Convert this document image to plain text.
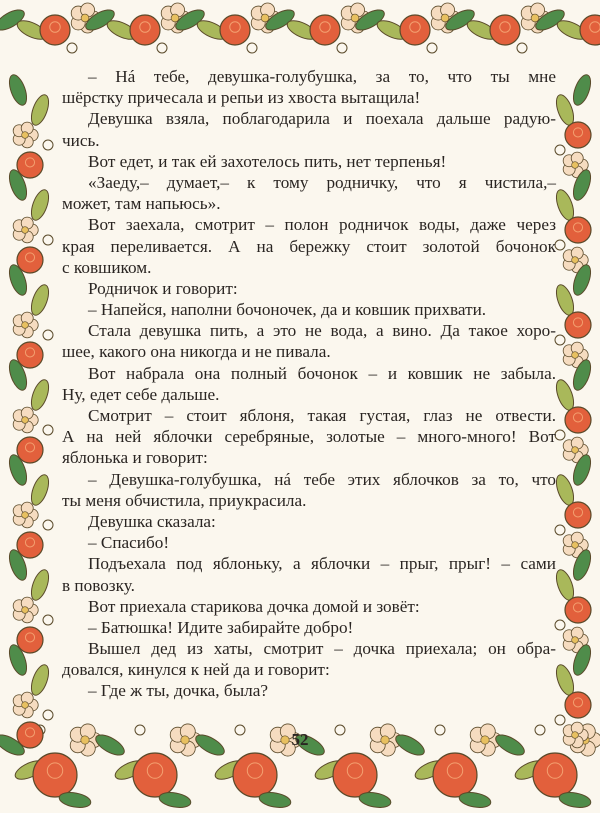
– Нá тебе, девушка-голубушка, за то, что ты мне
шёрстку причесала и репьи из хвоста вытащила!
Девушка взяла, поблагодарила и поехала дальше радую-
чись.
Вот едет, и так ей захотелось пить, нет терпенья!
«Заеду,– думает,– к тому родничку, что я чистила,–
может, там напьюсь».
Вот заехала, смотрит – полон родничок воды, даже через
края переливается. А на бережку стоит золотой бочонок
с ковшиком.
Родничок и говорит:
– Напейся, наполни бочоночек, да и ковшик прихвати.
Стала девушка пить, а это не вода, а вино. Да такое хоро-
шее, какого она никогда и не пивала.
Вот набрала она полный бочонок – и ковшик не забыла.
Ну, едет себе дальше.
Смотрит – стоит яблоня, такая густая, глаз не отвести.
А на ней яблочки серебряные, золотые – много-много! Вот
яблонька и говорит:
– Девушка-голубушка, нá тебе этих яблочков за то, что
ты меня обчистила, приукрасила.
Девушка сказала:
– Спасибо!
Подъехала под яблоньку, а яблочки – прыг, прыг! – сами
в повозку.
Вот приехала старикова дочка домой и зовёт:
– Батюшка! Идите забирайте добро!
Вышел дед из хаты, смотрит – дочка приехала; он обра-
довался, кинулся к ней да и говорит:
– Где ж ты, дочка, была?
52
